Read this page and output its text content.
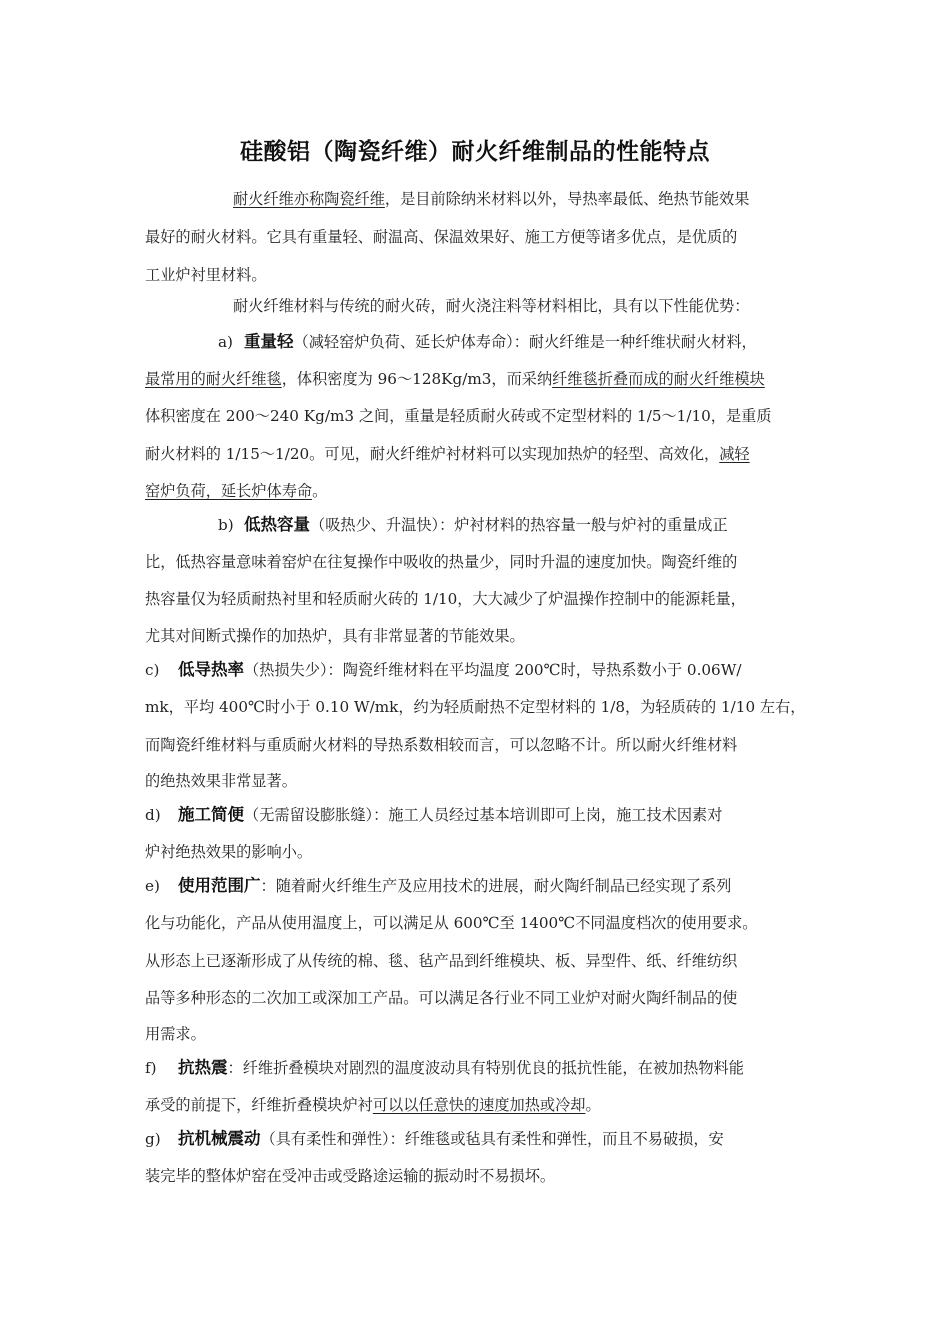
硅酸铝（陶瓷纤维）耐火纤维制品的性能特点
耐火纤维亦称陶瓷纤维，是目前除纳米材料以外，导热率最低、绝热节能效果
最好的耐火材料。它具有重量轻、耐温高、保温效果好、施工方便等诸多优点，是优质的
工业炉衬里材料。
耐火纤维材料与传统的耐火砖，耐火浇注料等材料相比，具有以下性能优势：
a) 重量轻（减轻窑炉负荷、延长炉体寿命）：耐火纤维是一种纤维状耐火材料，
最常用的耐火纤维毯，体积密度为 96～128Kg/m3，而采纳纤维毯折叠而成的耐火纤维模块
体积密度在 200～240 Kg/m3 之间，重量是轻质耐火砖或不定型材料的 1/5～1/10，是重质
耐火材料的 1/15～1/20。可见，耐火纤维炉衬材料可以实现加热炉的轻型、高效化，减轻
窑炉负荷，延长炉体寿命。
b) 低热容量（吸热少、升温快）：炉衬材料的热容量一般与炉衬的重量成正
比，低热容量意味着窑炉在往复操作中吸收的热量少，同时升温的速度加快。陶瓷纤维的
热容量仅为轻质耐热衬里和轻质耐火砖的 1/10，大大减少了炉温操作控制中的能源耗量，
尤其对间断式操作的加热炉，具有非常显著的节能效果。
c) 低导热率（热损失少）：陶瓷纤维材料在平均温度 200℃时，导热系数小于 0.06W/
mk，平均 400℃时小于 0.10 W/mk，约为轻质耐热不定型材料的 1/8，为轻质砖的 1/10 左右，
而陶瓷纤维材料与重质耐火材料的导热系数相较而言，可以忽略不计。所以耐火纤维材料
的绝热效果非常显著。
d) 施工简便（无需留设膨胀缝）：施工人员经过基本培训即可上岗，施工技术因素对
炉衬绝热效果的影响小。
e) 使用范围广：随着耐火纤维生产及应用技术的进展，耐火陶纤制品已经实现了系列
化与功能化，产品从使用温度上，可以满足从 600℃至 1400℃不同温度档次的使用要求。
从形态上已逐渐形成了从传统的棉、毯、毡产品到纤维模块、板、异型件、纸、纤维纺织
品等多种形态的二次加工或深加工产品。可以满足各行业不同工业炉对耐火陶纤制品的使
用需求。
f) 抗热震：纤维折叠模块对剧烈的温度波动具有特别优良的抵抗性能，在被加热物料能
承受的前提下，纤维折叠模块炉衬可以以任意快的速度加热或冷却。
g) 抗机械震动（具有柔性和弹性）：纤维毯或毡具有柔性和弹性，而且不易破损，安
装完毕的整体炉窑在受冲击或受路途运输的振动时不易损坏。
